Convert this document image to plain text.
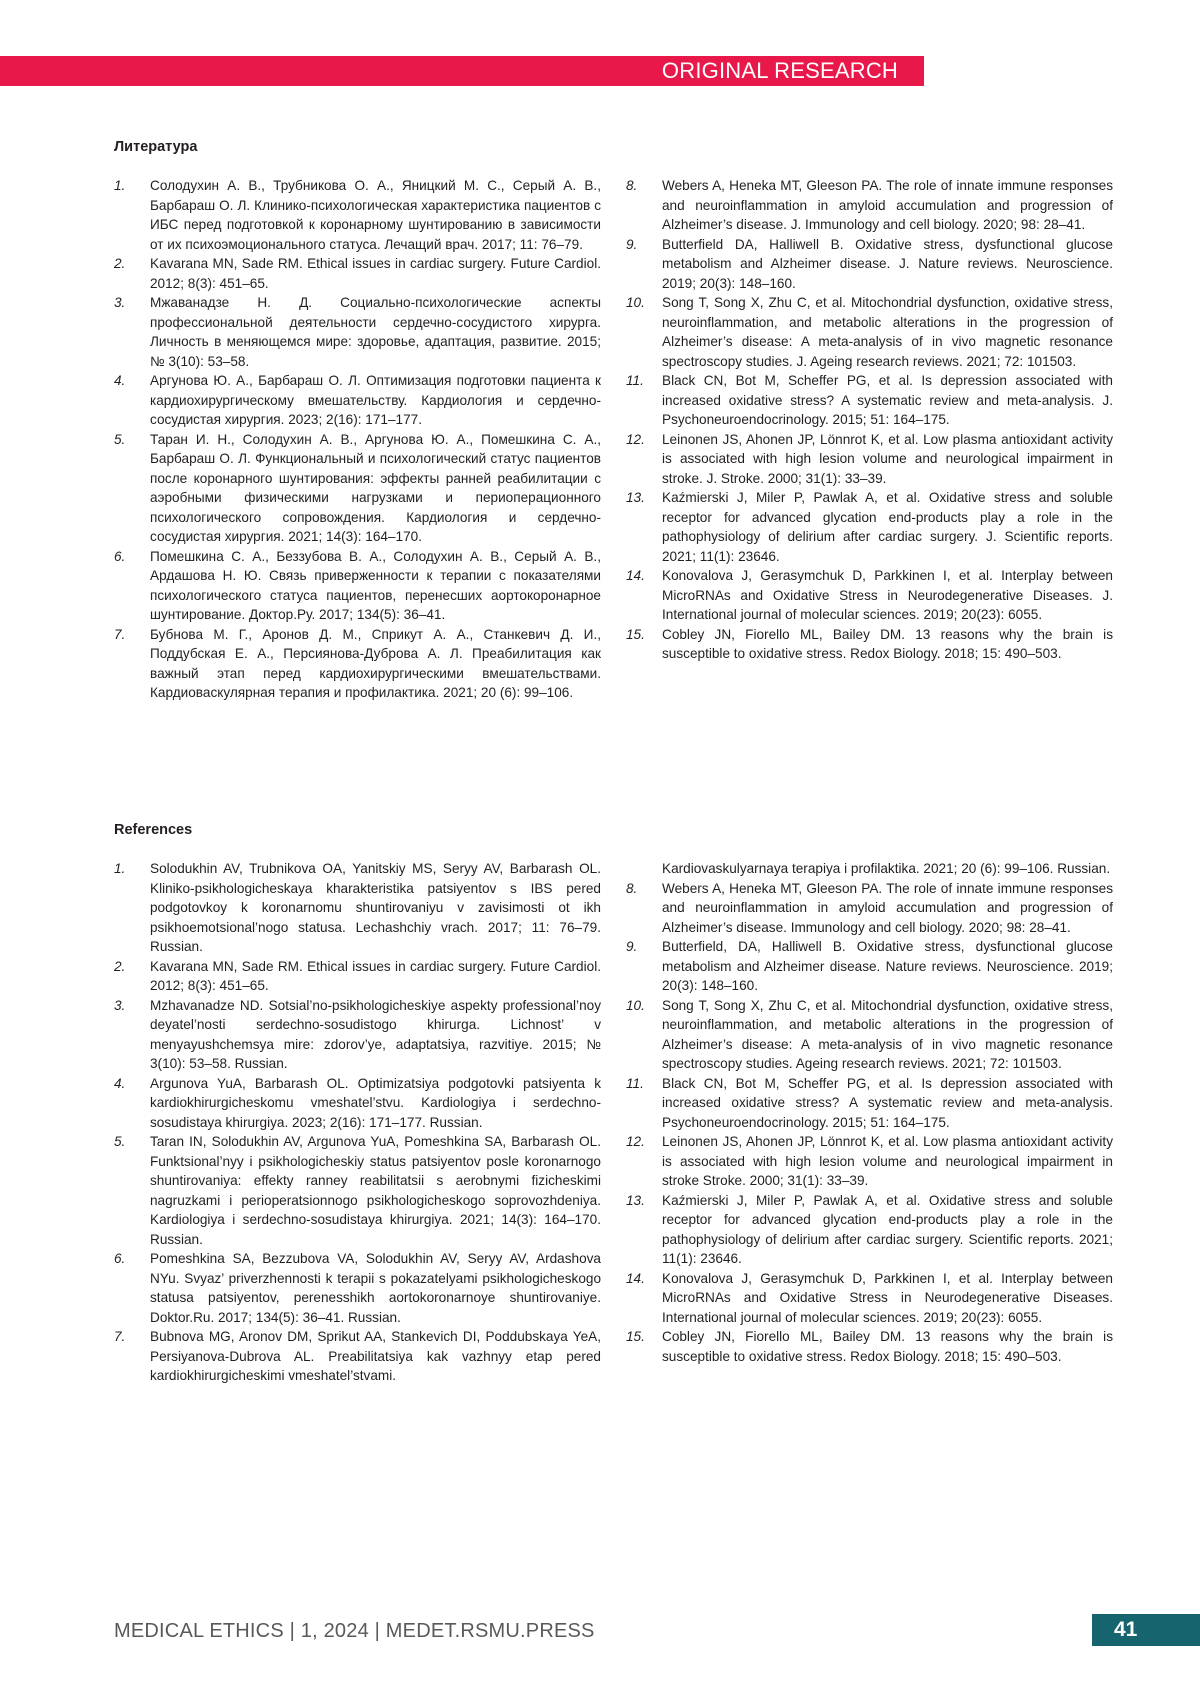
ORIGINAL RESEARCH
Литература
1. Солодухин А. В., Трубникова О. А., Яницкий М. С., Серый А. В., Барбараш О. Л. Клинико-психологическая характеристика пациентов с ИБС перед подготовкой к коронарному шунтированию в зависимости от их психоэмоционального статуса. Лечащий врач. 2017; 11: 76–79.
2. Kavarana MN, Sade RM. Ethical issues in cardiac surgery. Future Cardiol. 2012; 8(3): 451–65.
3. Мжаванадзе Н. Д. Социально-психологические аспекты профессиональной деятельности сердечно-сосудистого хирурга. Личность в меняющемся мире: здоровье, адаптация, развитие. 2015; № 3(10): 53–58.
4. Аргунова Ю. А., Барбараш О. Л. Оптимизация подготовки пациента к кардиохирургическому вмешательству. Кардиология и сердечно-сосудистая хирургия. 2023; 2(16): 171–177.
5. Таран И. Н., Солодухин А. В., Аргунова Ю. А., Помешкина С. А., Барбараш О. Л. Функциональный и психологический статус пациентов после коронарного шунтирования: эффекты ранней реабилитации с аэробными физическими нагрузками и периоперационного психологического сопровождения. Кардиология и сердечно-сосудистая хирургия. 2021; 14(3): 164–170.
6. Помешкина С. А., Беззубова В. А., Солодухин А. В., Серый А. В., Ардашова Н. Ю. Связь приверженности к терапии с показателями психологического статуса пациентов, перенесших аортокоронарное шунтирование. Доктор.Ру. 2017; 134(5): 36–41.
7. Бубнова М. Г., Аронов Д. М., Сприкут А. А., Станкевич Д. И., Поддубская Е. А., Персиянова-Дуброва А. Л. Преабилитация как важный этап перед кардиохирургическими вмешательствами. Кардиоваскулярная терапия и профилактика. 2021; 20 (6): 99–106.
8. Webers A, Heneka MT, Gleeson PA. The role of innate immune responses and neuroinflammation in amyloid accumulation and progression of Alzheimer’s disease. J. Immunology and cell biology. 2020; 98: 28–41.
9. Butterfield DA, Halliwell B. Oxidative stress, dysfunctional glucose metabolism and Alzheimer disease. J. Nature reviews. Neuroscience. 2019; 20(3): 148–160.
10. Song T, Song X, Zhu C, et al. Mitochondrial dysfunction, oxidative stress, neuroinflammation, and metabolic alterations in the progression of Alzheimer’s disease: A meta-analysis of in vivo magnetic resonance spectroscopy studies. J. Ageing research reviews. 2021; 72: 101503.
11. Black CN, Bot M, Scheffer PG, et al. Is depression associated with increased oxidative stress? A systematic review and meta-analysis. J. Psychoneuroendocrinology. 2015; 51: 164–175.
12. Leinonen JS, Ahonen JP, Lönnrot K, et al. Low plasma antioxidant activity is associated with high lesion volume and neurological impairment in stroke. J. Stroke. 2000; 31(1): 33–39.
13. Kaźmierski J, Miler P, Pawlak A, et al. Oxidative stress and soluble receptor for advanced glycation end-products play a role in the pathophysiology of delirium after cardiac surgery. J. Scientific reports. 2021; 11(1): 23646.
14. Konovalova J, Gerasymchuk D, Parkkinen I, et al. Interplay between MicroRNAs and Oxidative Stress in Neurodegenerative Diseases. J. International journal of molecular sciences. 2019; 20(23): 6055.
15. Cobley JN, Fiorello ML, Bailey DM. 13 reasons why the brain is susceptible to oxidative stress. Redox Biology. 2018; 15: 490–503.
References
1. Solodukhin AV, Trubnikova OA, Yanitskiy MS, Seryy AV, Barbarash OL. Kliniko-psikhologicheskaya kharakteristika patsiyentov s IBS pered podgotovkoy k koronarnomu shuntirovaniyu v zavisimosti ot ikh psikhoemotsional’nogo statusa. Lechashchiy vrach. 2017; 11: 76–79. Russian.
2. Kavarana MN, Sade RM. Ethical issues in cardiac surgery. Future Cardiol. 2012; 8(3): 451–65.
3. Mzhavanadze ND. Sotsial’no-psikhologicheskiye aspekty professional’noy deyatel’nosti serdechno-sosudistogo khirurga. Lichnost’ v menyayushchemsya mire: zdorov’ye, adaptatsiya, razvitiye. 2015; № 3(10): 53–58. Russian.
4. Argunova YuA, Barbarash OL. Optimizatsiya podgotovki patsiyenta k kardiokhirurgicheskomu vmeshatel’stvu. Kardiologiya i serdechno-sosudistaya khirurgiya. 2023; 2(16): 171–177. Russian.
5. Taran IN, Solodukhin AV, Argunova YuA, Pomeshkina SA, Barbarash OL. Funktsional’nyy i psikhologicheskiy status patsiyentov posle koronarnogo shuntirovaniya: effekty ranney reabilitatsii s aerobnymi fizicheskimi nagruzkami i perioperatsionnogo psikhologicheskogo soprovozhdeniya. Kardiologiya i serdechno-sosudistaya khirurgiya. 2021; 14(3): 164–170. Russian.
6. Pomeshkina SA, Bezzubova VA, Solodukhin AV, Seryy AV, Ardashova NYu. Svyaz’ priverzhennosti k terapii s pokazatelyami psikhologicheskogo statusa patsiyentov, perenesshikh aortokoronarnoye shuntirovaniye. Doktor.Ru. 2017; 134(5): 36–41. Russian.
7. Bubnova MG, Aronov DM, Sprikut AA, Stankevich DI, Poddubskaya YeA, Persiyanova-Dubrova AL. Preabilitatsiya kak vazhnyy etap pered kardiokhirurgicheskimi vmeshatel’stvami.
Kardiovaskulyarnaya terapiya i profilaktika. 2021; 20 (6): 99–106. Russian.
8. Webers A, Heneka MT, Gleeson PA. The role of innate immune responses and neuroinflammation in amyloid accumulation and progression of Alzheimer’s disease. Immunology and cell biology. 2020; 98: 28–41.
9. Butterfield, DA, Halliwell B. Oxidative stress, dysfunctional glucose metabolism and Alzheimer disease. Nature reviews. Neuroscience. 2019; 20(3): 148–160.
10. Song T, Song X, Zhu C, et al. Mitochondrial dysfunction, oxidative stress, neuroinflammation, and metabolic alterations in the progression of Alzheimer’s disease: A meta-analysis of in vivo magnetic resonance spectroscopy studies. Ageing research reviews. 2021; 72: 101503.
11. Black CN, Bot M, Scheffer PG, et al. Is depression associated with increased oxidative stress? A systematic review and meta-analysis. Psychoneuroendocrinology. 2015; 51: 164–175.
12. Leinonen JS, Ahonen JP, Lönnrot K, et al. Low plasma antioxidant activity is associated with high lesion volume and neurological impairment in stroke Stroke. 2000; 31(1): 33–39.
13. Kaźmierski J, Miler P, Pawlak A, et al. Oxidative stress and soluble receptor for advanced glycation end-products play a role in the pathophysiology of delirium after cardiac surgery. Scientific reports. 2021; 11(1): 23646.
14. Konovalova J, Gerasymchuk D, Parkkinen I, et al. Interplay between MicroRNAs and Oxidative Stress in Neurodegenerative Diseases. International journal of molecular sciences. 2019; 20(23): 6055.
15. Cobley JN, Fiorello ML, Bailey DM. 13 reasons why the brain is susceptible to oxidative stress. Redox Biology. 2018; 15: 490–503.
MEDICAL ETHICS | 1, 2024 | MEDET.RSMU.PRESS	41
